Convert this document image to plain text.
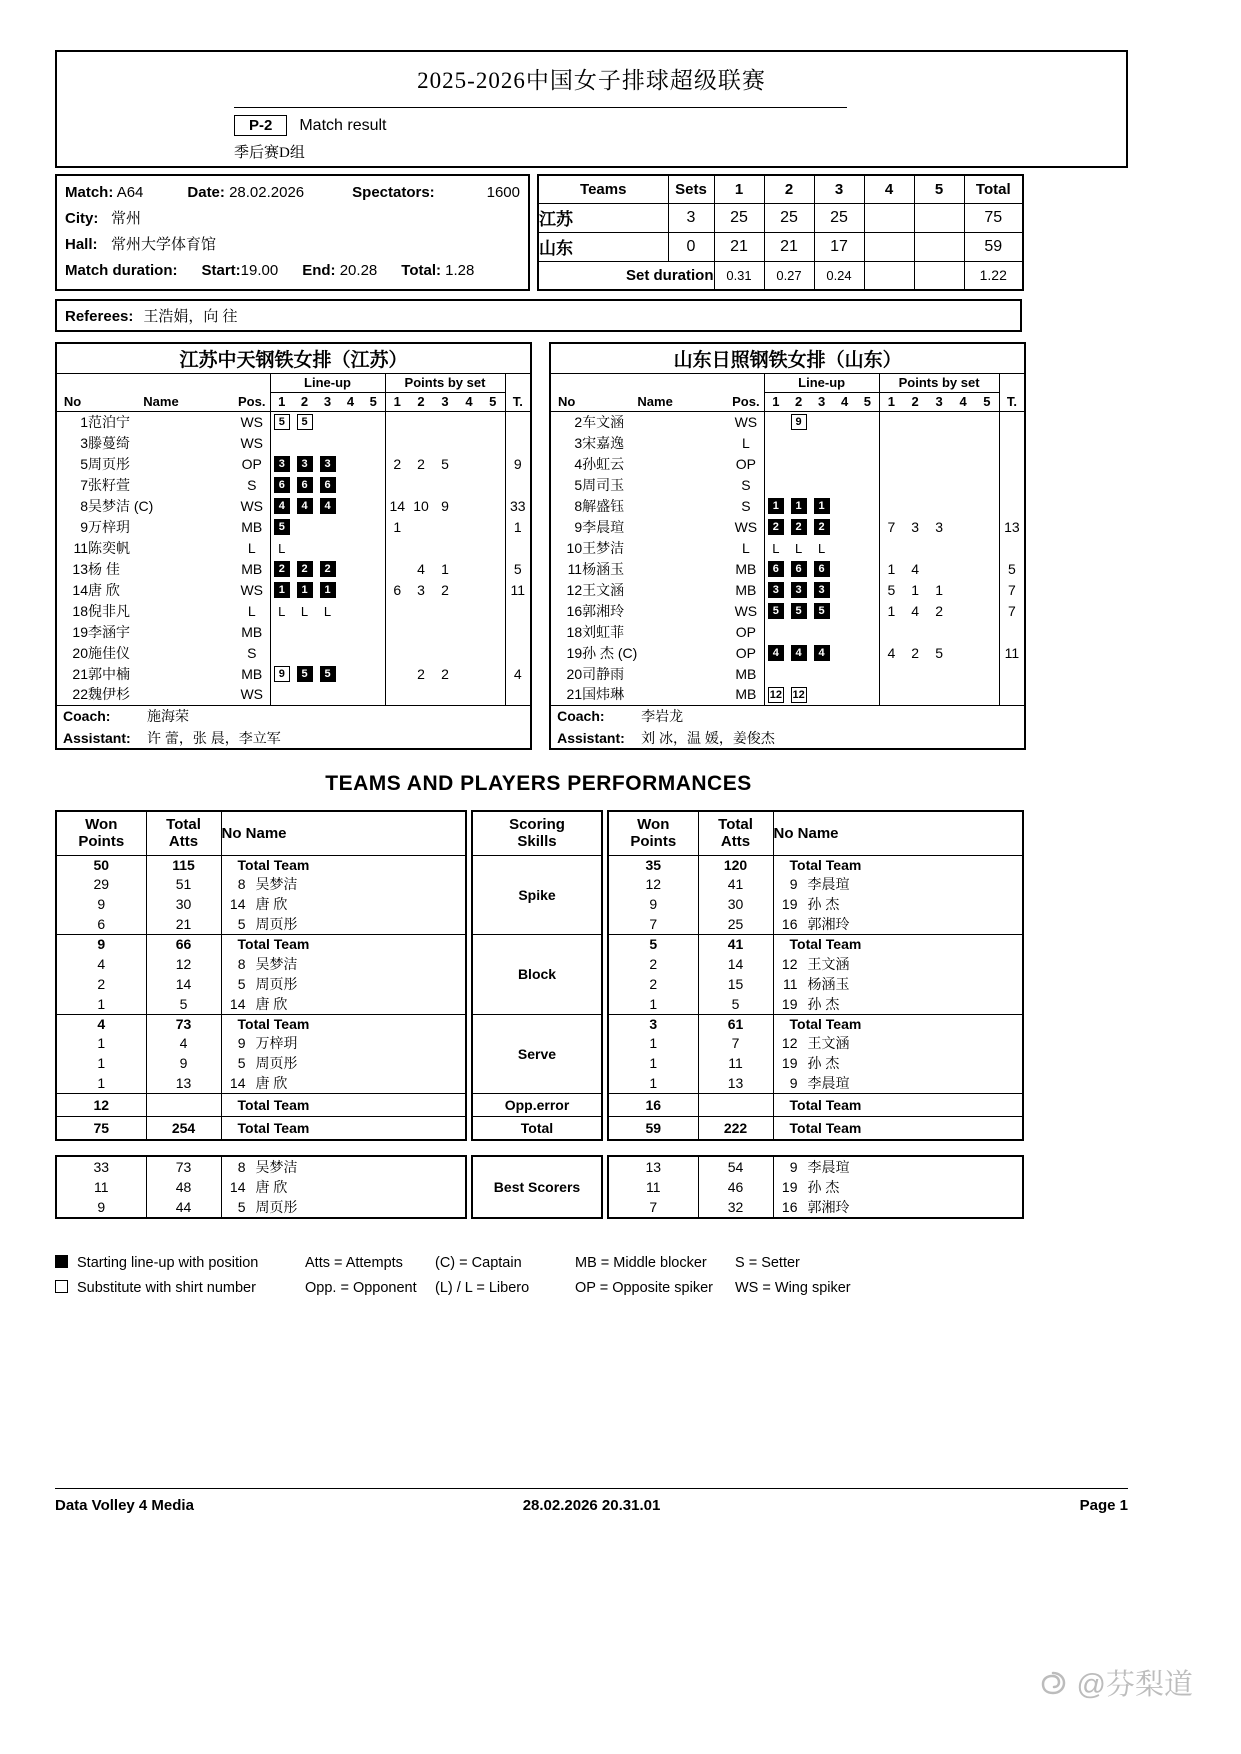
2025-2026中国女子排球超级联赛
P-2	Match result
季后赛D组
Match: A64	Date: 28.02.2026	Spectators:	1600
City: 常州
Hall: 常州大学体育馆
Match duration: Start:19.00 End: 20.28 Total: 1.28
Teams	Sets	1	2	3	4	5	Total
江苏	3	25	25	25			75
山东	0	21	21	17			59
Set duration		0.31	0.27	0.24			1.22
Referees: 王浩娟，向 往
江苏中天钢铁女排（江苏）													
			Line-up					Points by set					
No	Name	Pos.	1	2	3	4	5	1	2	3	4	5	T.
1	范泊宁	WS	5	5									
3	滕蔓绮	WS											
5	周页彤	OP	3	3	3			2	2	5			9
7	张籽萱	S	6	6	6								
8	吴梦洁 (C)	WS	4	4	4			14	10	9			33
9	万梓玥	MB	5					1					1
11	陈奕帆	L	L										
13	杨 佳	MB	2	2	2				4	1			5
14	唐 欣	WS	1	1	1			6	3	2			11
18	倪非凡	L	L	L	L								
19	李涵宇	MB											
20	施佳仪	S											
21	郭中楠	MB	9	5	5				2	2			4
22	魏伊杉	WS											
Coach: 施海荣													
Assistant: 许 蕾，张 晨，李立军													
山东日照钢铁女排（山东）													
			Line-up					Points by set					
No	Name	Pos.	1	2	3	4	5	1	2	3	4	5	T.
2	车文涵	WS		9									
3	宋嘉逸	L											
4	孙虹云	OP											
5	周司玉	S											
8	解盛钰	S	1	1	1								
9	李晨瑄	WS	2	2	2			7	3	3			13
10	王梦洁	L	L	L	L								
11	杨涵玉	MB	6	6	6			1	4				5
12	王文涵	MB	3	3	3			5	1	1			7
16	郭湘玲	WS	5	5	5			1	4	2			7
18	刘虹菲	OP											
19	孙 杰 (C)	OP	4	4	4			4	2	5			11
20	司静雨	MB											
21	国炜琳	MB	12	12									
Coach: 李岩龙													
Assistant: 刘 冰，温 媛，姜俊杰													
TEAMS AND PLAYERS PERFORMANCES
Won Points	Total Atts	No Name		Scoring Skills		Won Points	Total Atts	No Name
50	115	Total Team		Spike		35	120	Total Team
29	51	8 吴梦洁				12	41	9 李晨瑄
9	30	14 唐 欣				9	30	19 孙 杰
6	21	5 周页彤				7	25	16 郭湘玲
9	66	Total Team		Block		5	41	Total Team
4	12	8 吴梦洁				2	14	12 王文涵
2	14	5 周页彤				2	15	11 杨涵玉
1	5	14 唐 欣				1	5	19 孙 杰
4	73	Total Team		Serve		3	61	Total Team
1	4	9 万梓玥				1	7	12 王文涵
1	9	5 周页彤				1	11	19 孙 杰
1	13	14 唐 欣				1	13	9 李晨瑄
12		Total Team		Opp.error		16		Total Team
75	254	Total Team		Total		59	222	Total Team
33	73	8 吴梦洁		Best Scorers		13	54	9 李晨瑄
11	48	14 唐 欣				11	46	19 孙 杰
9	44	5 周页彤				7	32	16 郭湘玲
Starting line-up with position	Atts = Attempts	(C) = Captain	MB = Middle blocker	S = Setter
Substitute with shirt number	Opp. = Opponent	(L) / L = Libero	OP = Opposite spiker	WS = Wing spiker
Data Volley 4 Media	28.02.2026 20.31.01	Page 1
@芬梨道
